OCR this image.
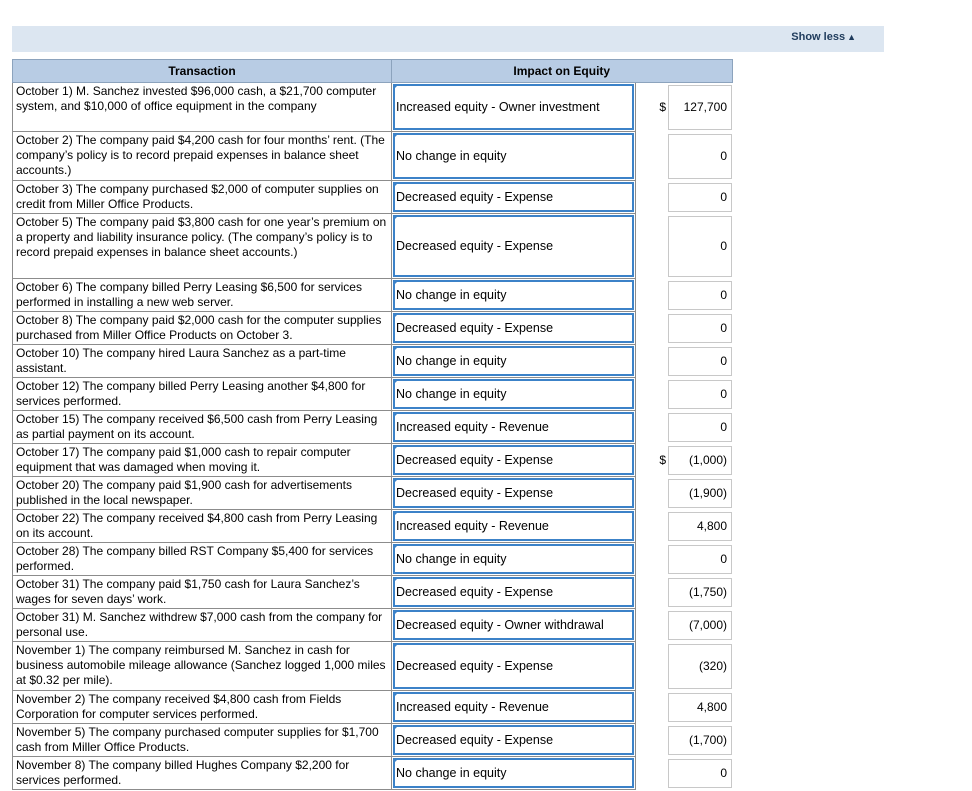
Show less ▲
Transaction	Impact on Equity		
October 1) M. Sanchez invested $96,000 cash, a $21,700 computer system, and $10,000 of office equipment in the company	Increased equity - Owner investment	$	127,700

October 2) The company paid $4,200 cash for four months’ rent. (The company’s policy is to record prepaid expenses in balance sheet accounts.)	No change in equity		0

October 3) The company purchased $2,000 of computer supplies on credit from Miller Office Products.	Decreased equity - Expense		0

October 5) The company paid $3,800 cash for one year’s premium on a property and liability insurance policy. (The company’s policy is to record prepaid expenses in balance sheet accounts.)	Decreased equity - Expense		0

October 6) The company billed Perry Leasing $6,500 for services performed in installing a new web server.	No change in equity		0

October 8) The company paid $2,000 cash for the computer supplies purchased from Miller Office Products on October 3.	Decreased equity - Expense		0

October 10) The company hired Laura Sanchez as a part-time assistant.	No change in equity		0

October 12) The company billed Perry Leasing another $4,800 for services performed.	No change in equity		0

October 15) The company received $6,500 cash from Perry Leasing as partial payment on its account.	Increased equity - Revenue		0

October 17) The company paid $1,000 cash to repair computer equipment that was damaged when moving it.	Decreased equity - Expense	$	(1,000)

October 20) The company paid $1,900 cash for advertisements published in the local newspaper.	Decreased equity - Expense		(1,900)

October 22) The company received $4,800 cash from Perry Leasing on its account.	Increased equity - Revenue		4,800

October 28) The company billed RST Company $5,400 for services performed.	No change in equity		0

October 31) The company paid $1,750 cash for Laura Sanchez’s wages for seven days’ work.	Decreased equity - Expense		(1,750)

October 31) M. Sanchez withdrew $7,000 cash from the company for personal use.	Decreased equity - Owner withdrawal		(7,000)

November 1) The company reimbursed M. Sanchez in cash for business automobile mileage allowance (Sanchez logged 1,000 miles at $0.32 per mile).	Decreased equity - Expense		(320)

November 2) The company received $4,800 cash from Fields Corporation for computer services performed.	Increased equity - Revenue		4,800

November 5) The company purchased computer supplies for $1,700 cash from Miller Office Products.	Decreased equity - Expense		(1,700)

November 8) The company billed Hughes Company $2,200 for services performed.	No change in equity		0
